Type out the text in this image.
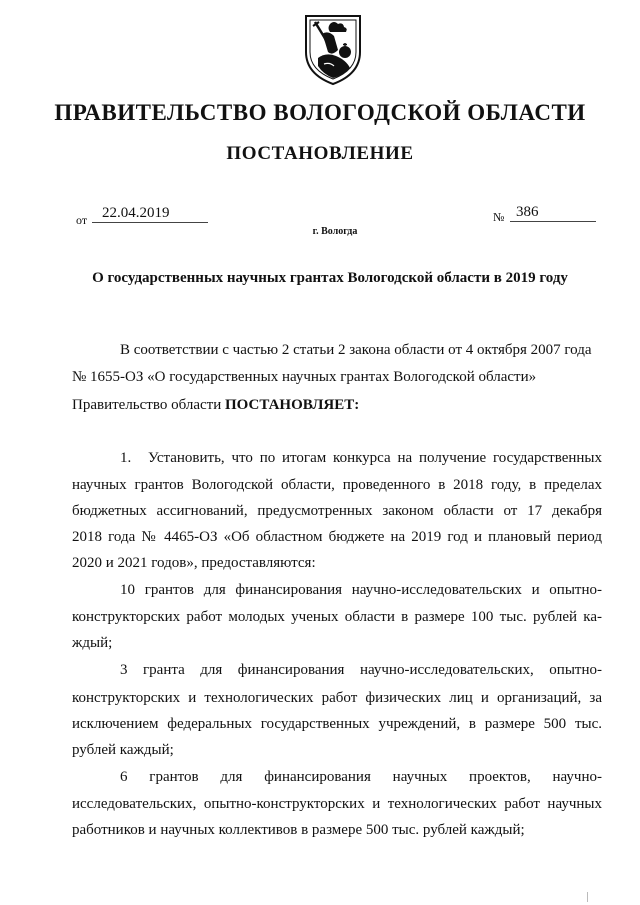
ПРАВИТЕЛЬСТВО ВОЛОГОДСКОЙ ОБЛАСТИ
ПОСТАНОВЛЕНИЕ
от 22.04.2019	№ 386
г. Вологда
О государственных научных грантах Вологодской области в 2019 году
В соответствии с частью 2 статьи 2 закона области от 4 октября 2007 года
№ 1655-ОЗ «О государственных научных грантах Вологодской области»
Правительство области ПОСТАНОВЛЯЕТ:
1. Установить, что по итогам конкурса на получение государственных
научных грантов Вологодской области, проведенного в 2018 году, в пределах
бюджетных ассигнований, предусмотренных законом области от 17 декабря
2018 года № 4465-ОЗ «Об областном бюджете на 2019 год и плановый период
2020 и 2021 годов», предоставляются:
10 грантов для финансирования научно-исследовательских и опытно-
конструкторских работ молодых ученых области в размере 100 тыс. рублей ка-
ждый;
3 гранта для финансирования научно-исследовательских, опытно-
конструкторских и технологических работ физических лиц и организаций, за
исключением федеральных государственных учреждений, в размере 500 тыс.
рублей каждый;
6 грантов для финансирования научных проектов, научно-
исследовательских, опытно-конструкторских и технологических работ научных
работников и научных коллективов в размере 500 тыс. рублей каждый;
